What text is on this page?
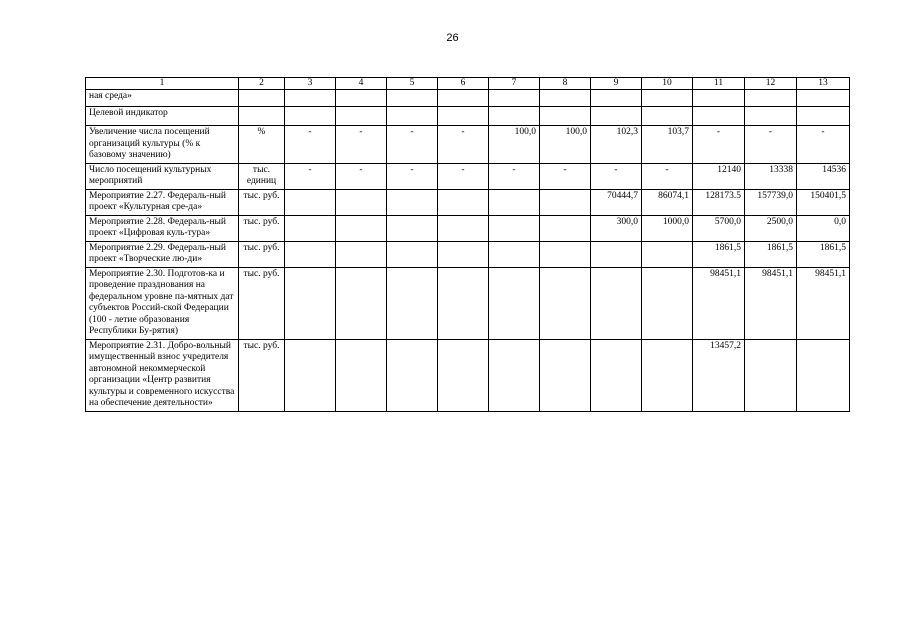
26
1	2	3	4	5	6	7	8	9	10	11	12	13
ная среда»												
Целевой индикатор												
Увеличение числа посещений организаций культуры (% к базовому значению)	%	-	-	-	-	100,0	100,0	102,3	103,7	-	-	-
Число посещений культурных мероприятий	тыс. единиц	-	-	-	-	-	-	-	-	12140	13338	14536
Мероприятие 2.27. Федераль-ный проект «Культурная сре-да»	тыс. руб.							70444,7	86074,1	128173.5	157739,0	150401,5
Мероприятие 2.28. Федераль-ный проект «Цифровая куль-тура»	тыс. руб.							300,0	1000,0	5700,0	2500,0	0,0
Мероприятие 2.29. Федераль-ный проект «Творческие лю-ди»	тыс. руб.									1861,5	1861,5	1861,5
Мероприятие 2.30. Подготов-ка и проведение празднования на федеральном уровне па-мятных дат субъектов Россий-ской Федерации (100 - летие образования Республики Бу-рятия)	тыс. руб.									98451,1	98451,1	98451,1
Мероприятие 2.31. Добро-вольный имущественный взнос учредителя автономной некоммерческой организации «Центр развития культуры и современного искусства на обеспечение деятельности»	тыс. руб.									13457,2		
